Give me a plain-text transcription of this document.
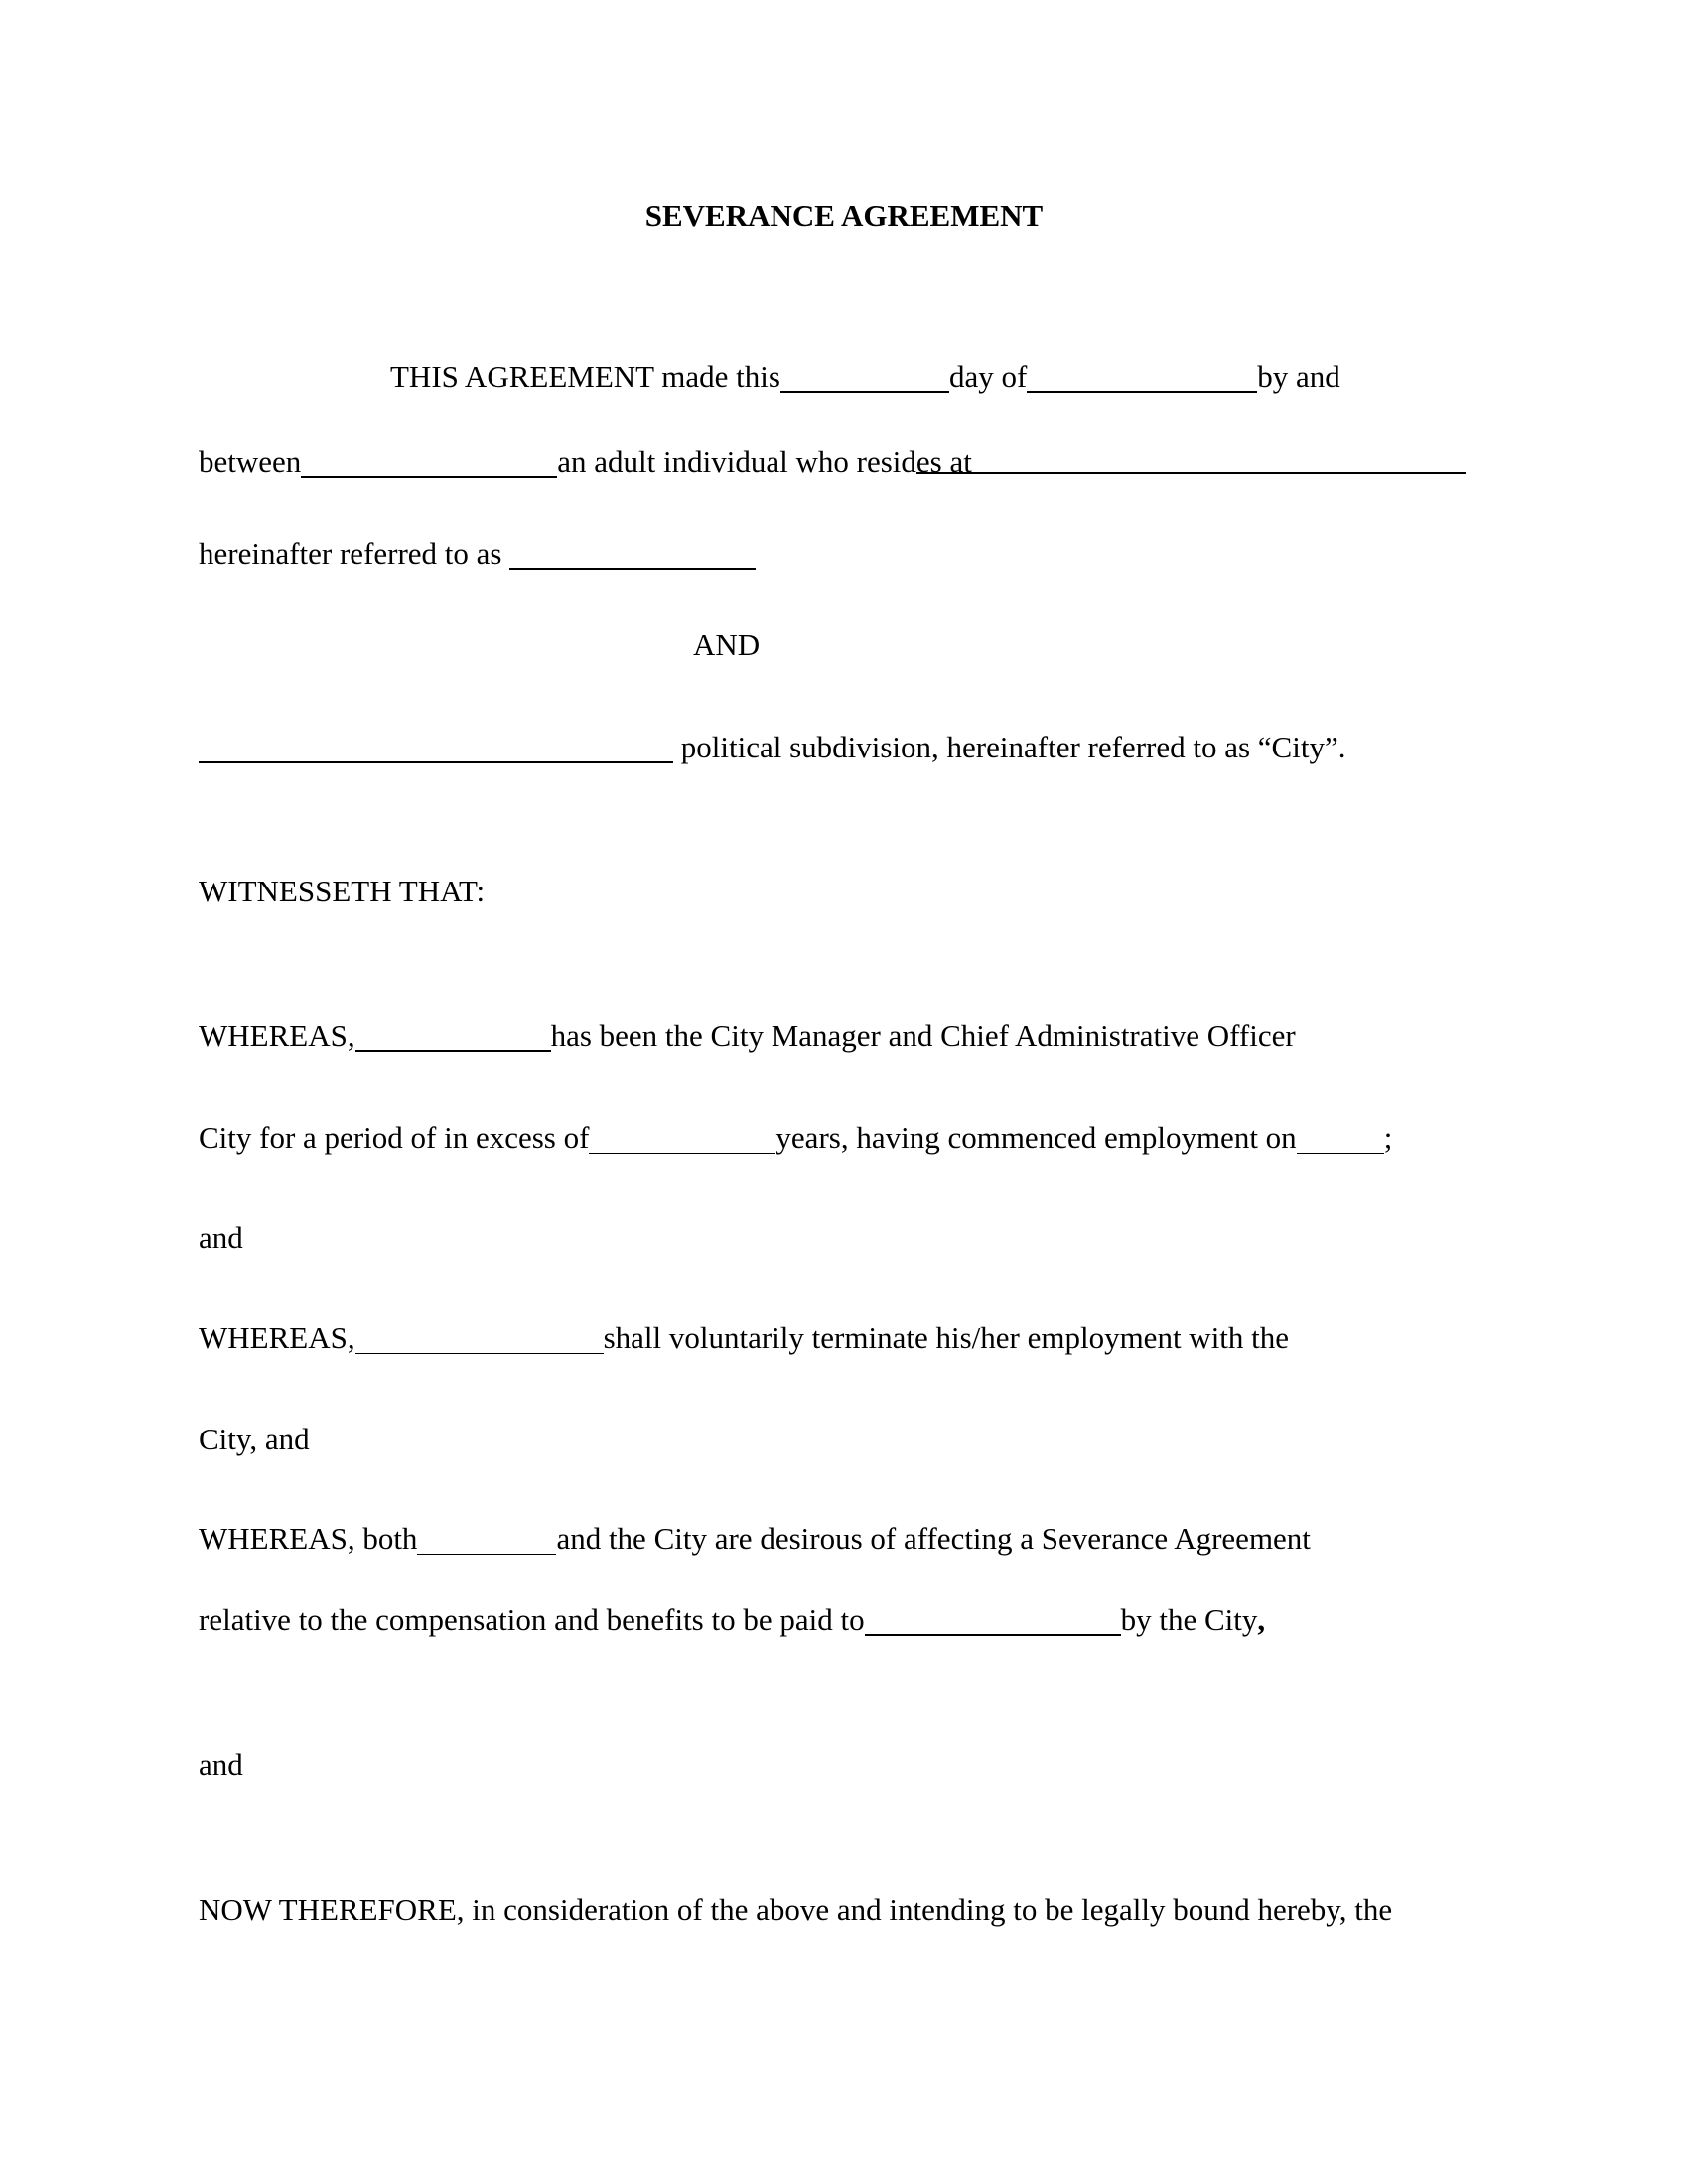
SEVERANCE AGREEMENT
THIS AGREEMENT made this	day of	by and
between	an adult individual who resides at
hereinafter referred to as
AND
political subdivision, hereinafter referred to as “City”.
WITNESSETH THAT:
WHEREAS,	has been the City Manager and Chief Administrative Officer
City for a period of in excess of	years, having commenced employment on	;
and
WHEREAS,	shall voluntarily terminate his/her employment with the
City, and
WHEREAS, both	and the City are desirous of affecting a Severance Agreement
relative to the compensation and benefits to be paid to	by the City,
and
NOW THEREFORE, in consideration of the above and intending to be legally bound hereby, the
